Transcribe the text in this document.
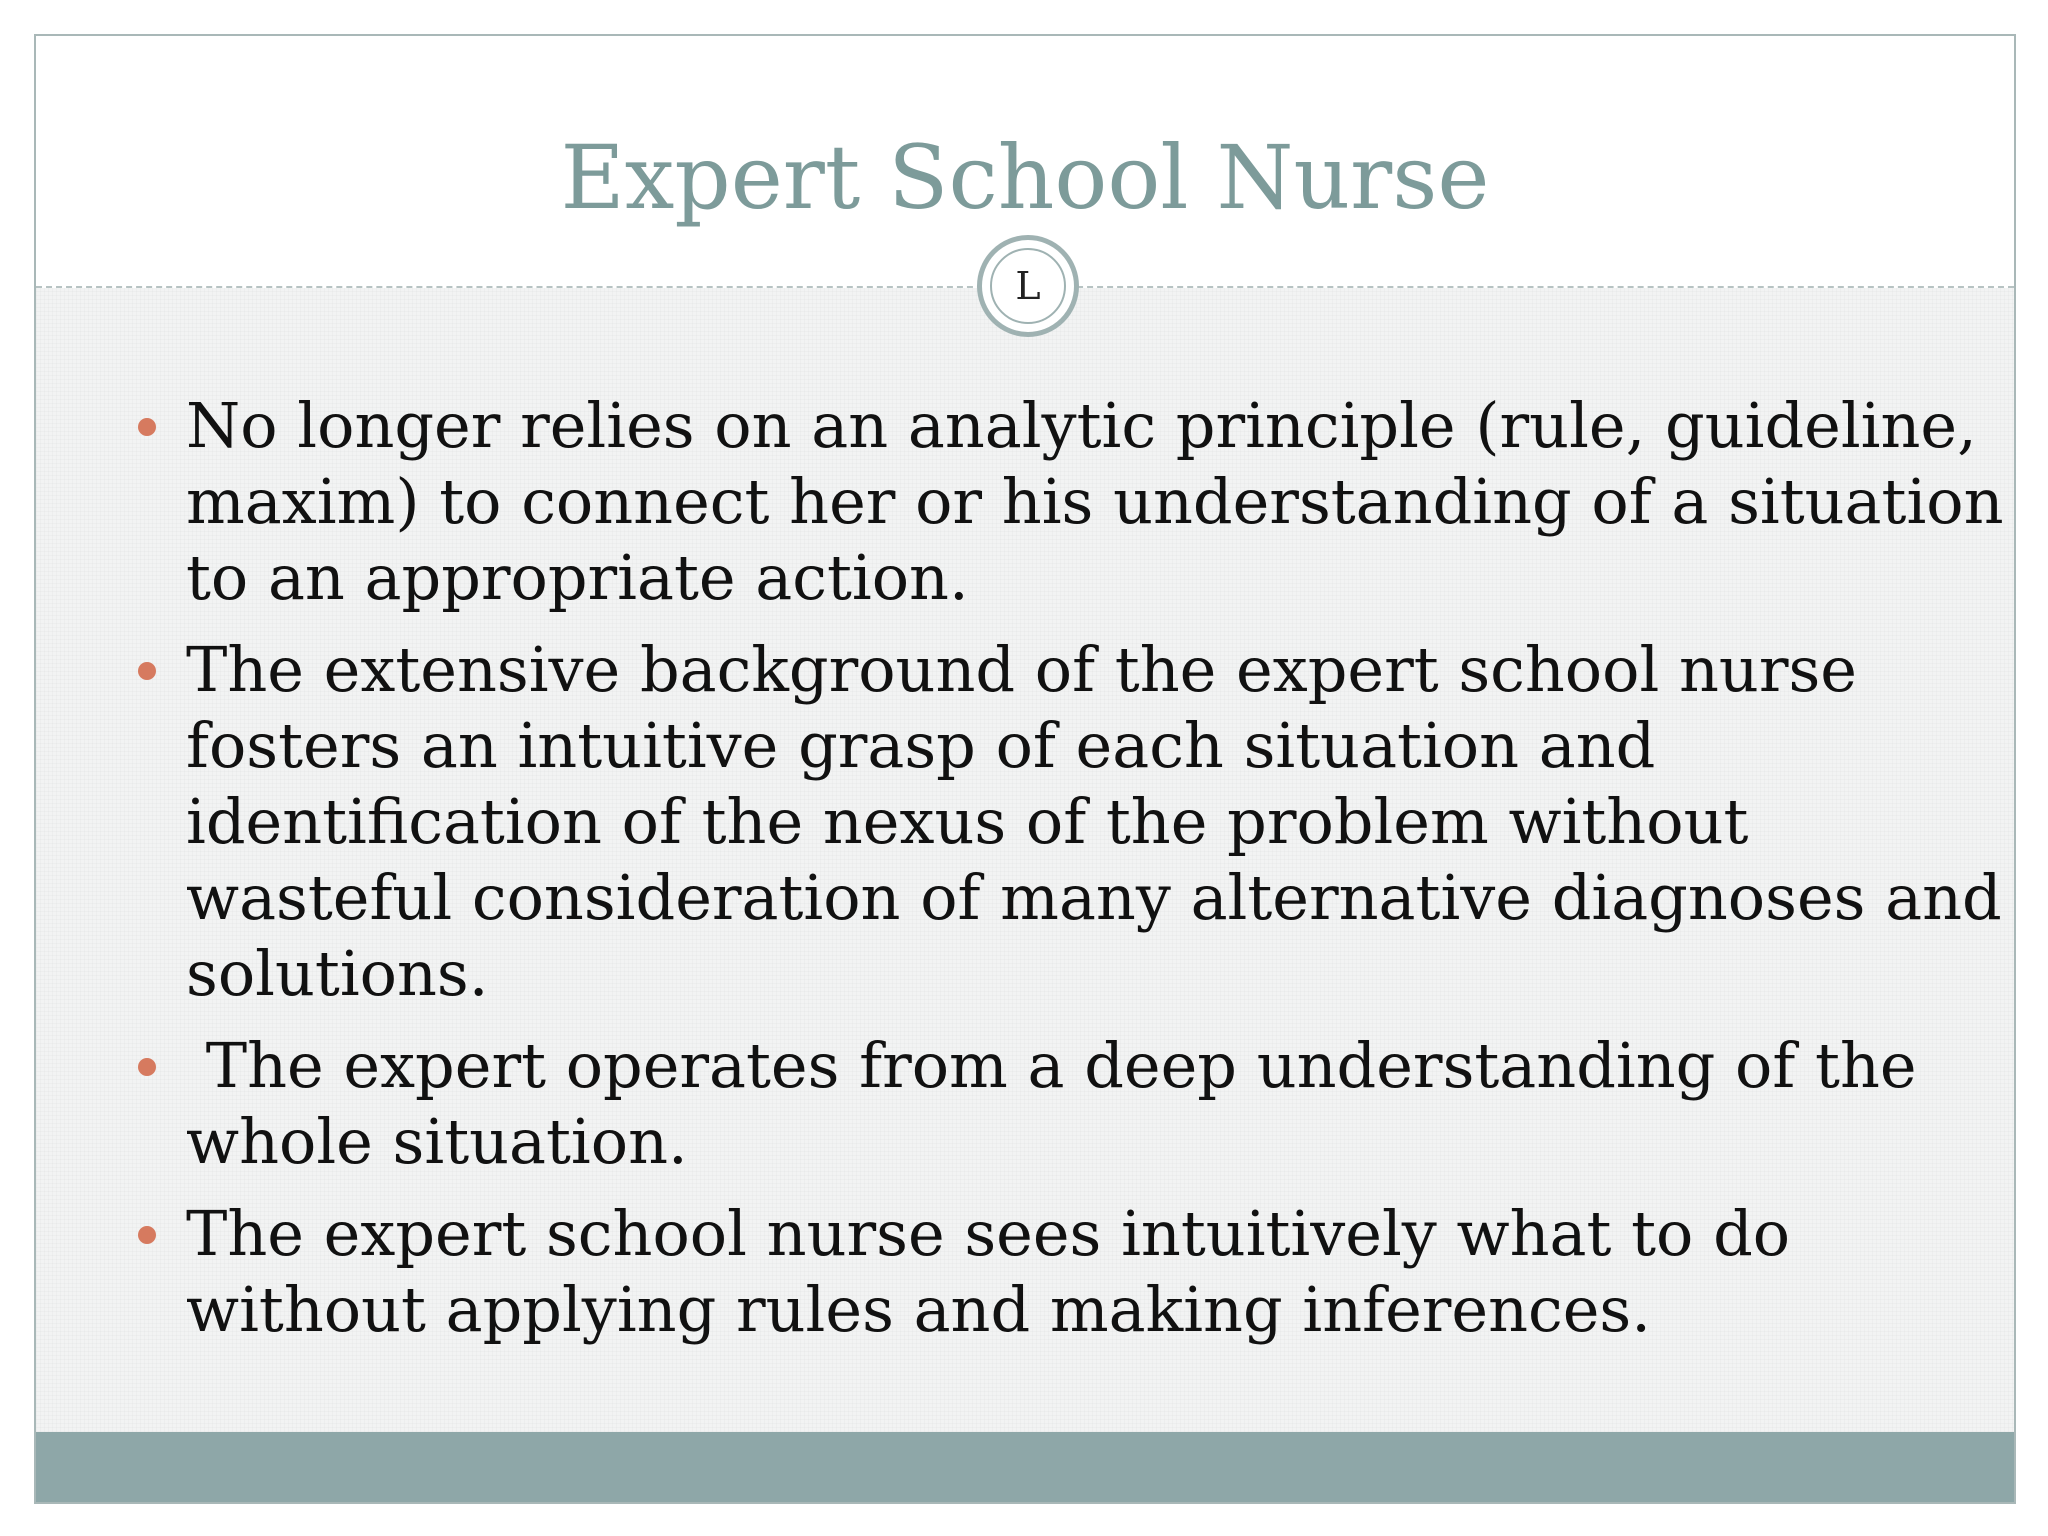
Expert School Nurse
L
No longer relies on an analytic principle (rule, guideline, maxim) to connect her or his understanding of a situation to an appropriate action.
The extensive background of the expert school nurse fosters an intuitive grasp of each situation and identification of the nexus of the problem without wasteful consideration of many alternative diagnoses and solutions.
The expert operates from a deep understanding of the whole situation.
The expert school nurse sees intuitively what to do without applying rules and making inferences.
